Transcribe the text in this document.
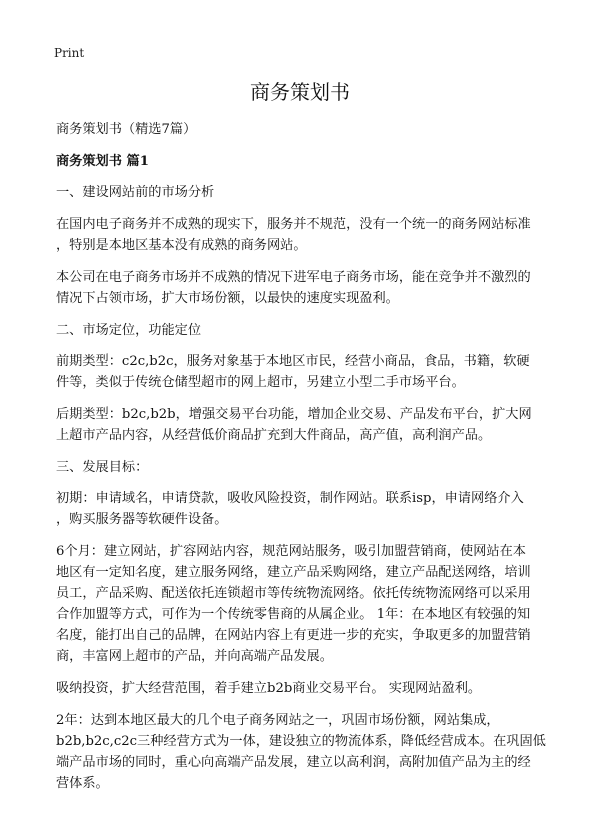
Print
商务策划书

商务策划书（精选7篇）

商务策划书 篇1

一、建设网站前的市场分析

在国内电子商务并不成熟的现实下，服务并不规范，没有一个统一的商务网站标准

，特别是本地区基本没有成熟的商务网站。

本公司在电子商务市场并不成熟的情况下进军电子商务市场，能在竞争并不激烈的

情况下占领市场，扩大市场份额，以最快的速度实现盈利。

二、市场定位，功能定位

前期类型：c2c,b2c，服务对象基于本地区市民，经营小商品，食品，书籍，软硬

件等，类似于传统仓储型超市的网上超市，另建立小型二手市场平台。

后期类型：b2c,b2b，增强交易平台功能，增加企业交易、产品发布平台，扩大网

上超市产品内容，从经营低价商品扩充到大件商品，高产值，高利润产品。

三、发展目标：

初期：申请域名，申请贷款，吸收风险投资，制作网站。联系isp，申请网络介入

，购买服务器等软硬件设备。

6个月：建立网站，扩容网站内容，规范网站服务，吸引加盟营销商，使网站在本

地区有一定知名度，建立服务网络，建立产品采购网络，建立产品配送网络，培训

员工，产品采购、配送依托连锁超市等传统物流网络。依托传统物流网络可以采用

合作加盟等方式，可作为一个传统零售商的从属企业。 1年：在本地区有较强的知

名度，能打出自己的品牌，在网站内容上有更进一步的充实，争取更多的加盟营销

商，丰富网上超市的产品，并向高端产品发展。

吸纳投资，扩大经营范围，着手建立b2b商业交易平台。 实现网站盈利。

2年：达到本地区最大的几个电子商务网站之一，巩固市场份额，网站集成，

b2b,b2c,c2c三种经营方式为一体，建设独立的物流体系，降低经营成本。在巩固低

端产品市场的同时，重心向高端产品发展，建立以高利润，高附加值产品为主的经

营体系。
